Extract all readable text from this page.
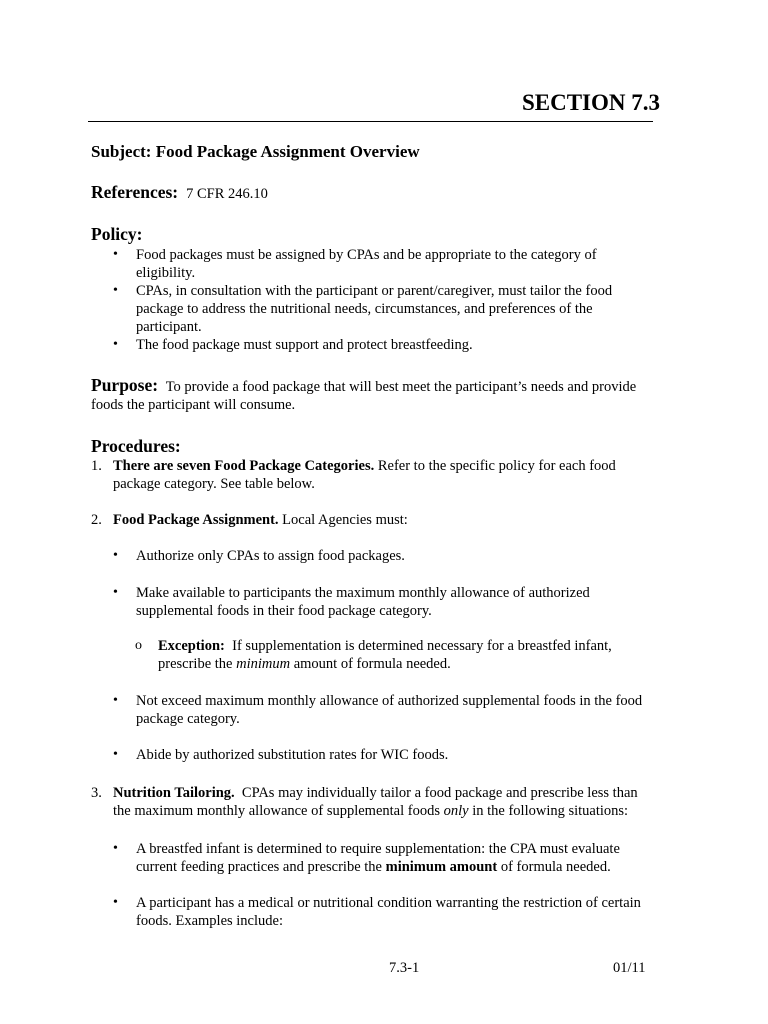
SECTION 7.3
Subject: Food Package Assignment Overview
References: 7 CFR 246.10
Policy:
• Food packages must be assigned by CPAs and be appropriate to the category of
eligibility.
• CPAs, in consultation with the participant or parent/caregiver, must tailor the food
package to address the nutritional needs, circumstances, and preferences of the
participant.
• The food package must support and protect breastfeeding.
Purpose: To provide a food package that will best meet the participant’s needs and provide
foods the participant will consume.
Procedures:
1. There are seven Food Package Categories. Refer to the specific policy for each food
package category. See table below.
2. Food Package Assignment. Local Agencies must:
• Authorize only CPAs to assign food packages.
• Make available to participants the maximum monthly allowance of authorized
supplemental foods in their food package category.
o Exception:  If supplementation is determined necessary for a breastfed infant,
prescribe the minimum amount of formula needed.
• Not exceed maximum monthly allowance of authorized supplemental foods in the food
package category.
• Abide by authorized substitution rates for WIC foods.
3. Nutrition Tailoring.  CPAs may individually tailor a food package and prescribe less than
the maximum monthly allowance of supplemental foods only in the following situations:
• A breastfed infant is determined to require supplementation: the CPA must evaluate
current feeding practices and prescribe the minimum amount of formula needed.
• A participant has a medical or nutritional condition warranting the restriction of certain
foods. Examples include:
7.3-1	01/11
